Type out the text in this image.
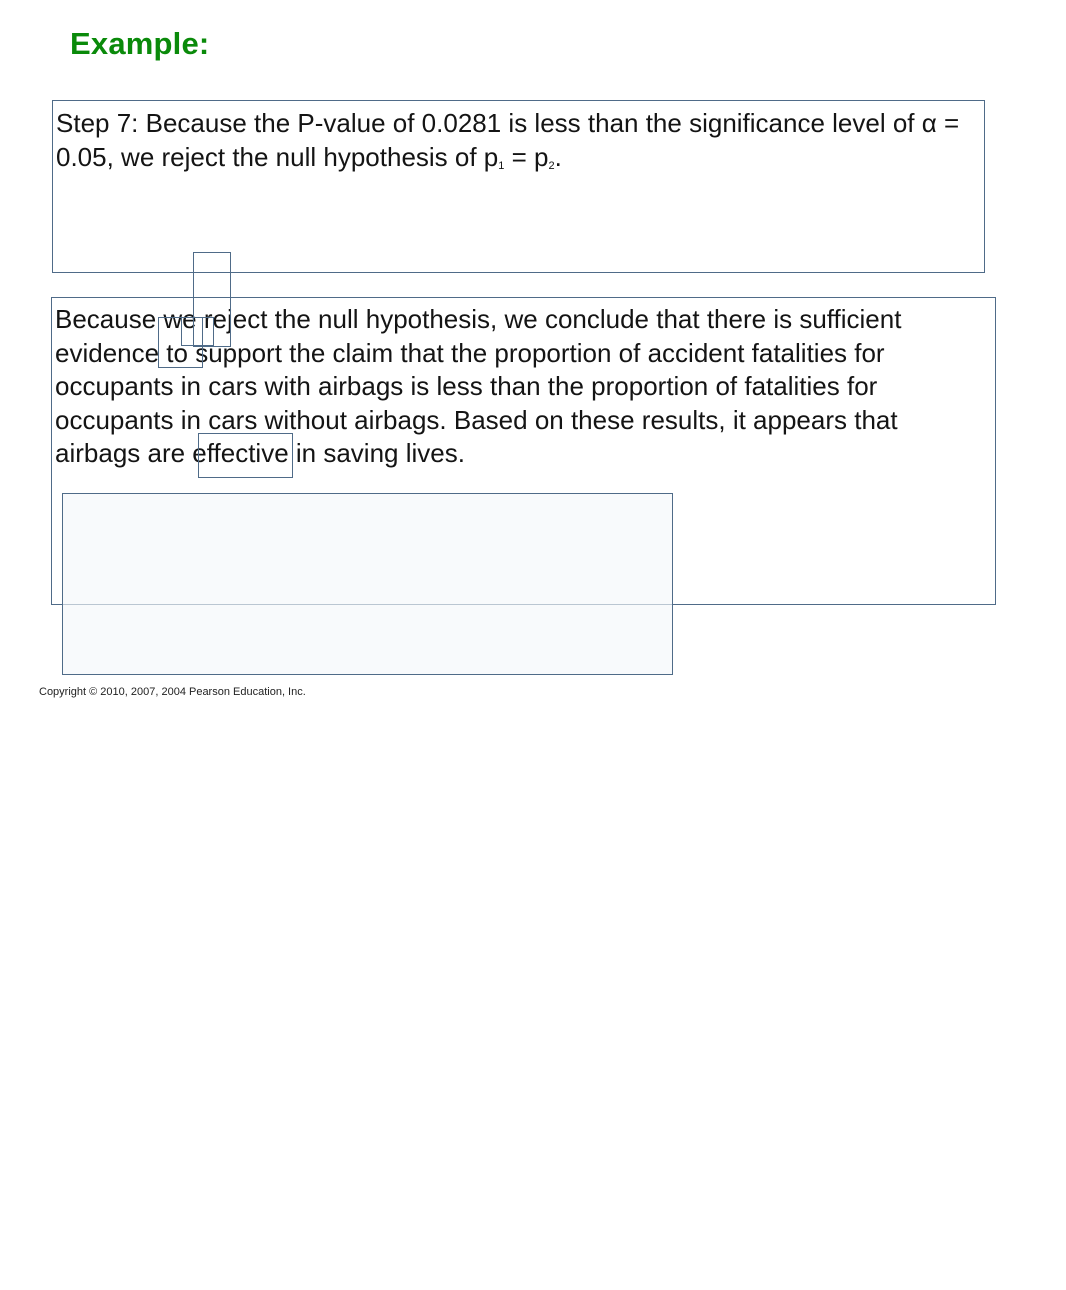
Example:

Step 7: Because the P-value of 0.0281 is less than the significance level of α = 0.05, we reject the null hypothesis of $p_1 = p_2$.

Because we reject the null hypothesis, we conclude that there is sufficient evidence to support the claim that the proportion of accident fatalities for occupants in cars with airbags is less than the proportion of fatalities for occupants in cars without airbags. Based on these results, it appears that airbags are effective in saving lives.

Copyright © 2010, 2007, 2004 Pearson Education, Inc.
